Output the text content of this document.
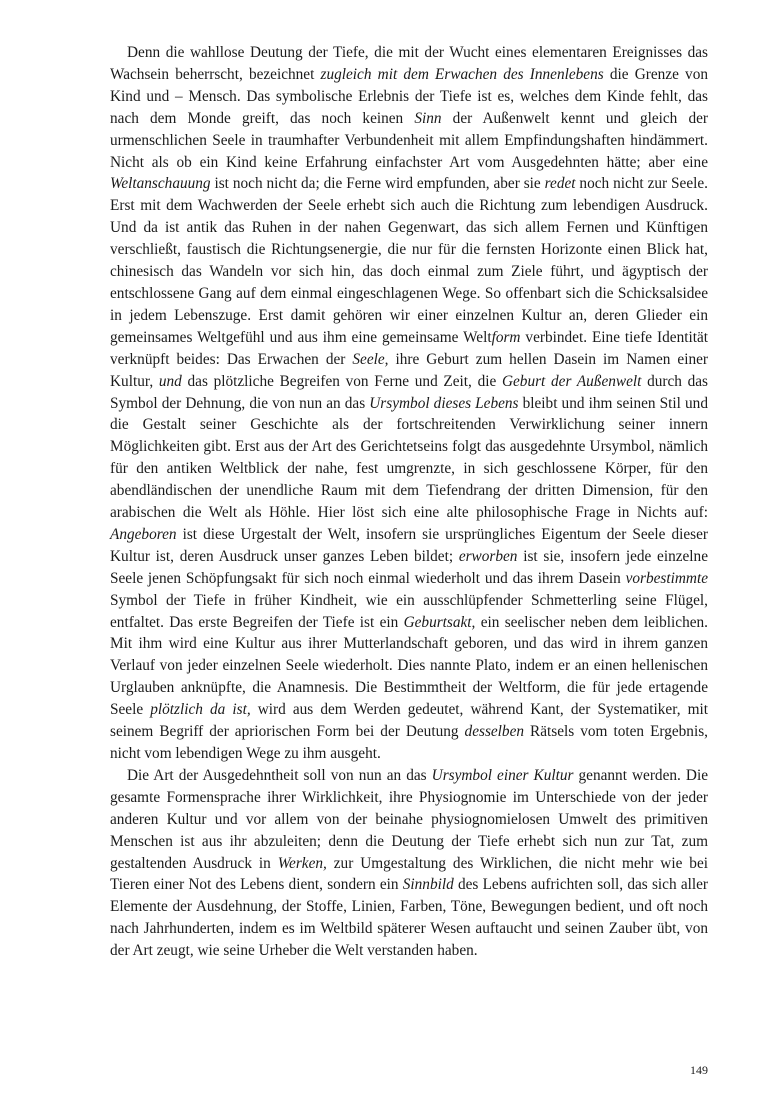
Denn die wahllose Deutung der Tiefe, die mit der Wucht eines elementaren Ereignisses das Wachsein beherrscht, bezeichnet zugleich mit dem Erwachen des Innenlebens die Grenze von Kind und – Mensch. Das symbolische Erlebnis der Tiefe ist es, welches dem Kinde fehlt, das nach dem Monde greift, das noch keinen Sinn der Außenwelt kennt und gleich der urmenschlichen Seele in traumhafter Verbundenheit mit allem Empfindungshaften hindämmert. Nicht als ob ein Kind keine Erfahrung einfachster Art vom Ausgedehnten hätte; aber eine Weltanschauung ist noch nicht da; die Ferne wird empfunden, aber sie redet noch nicht zur Seele. Erst mit dem Wachwerden der Seele erhebt sich auch die Richtung zum lebendigen Ausdruck. Und da ist antik das Ruhen in der nahen Gegenwart, das sich allem Fernen und Künftigen verschließt, faustisch die Richtungsenergie, die nur für die fernsten Horizonte einen Blick hat, chinesisch das Wandeln vor sich hin, das doch einmal zum Ziele führt, und ägyptisch der entschlossene Gang auf dem einmal eingeschlagenen Wege. So offenbart sich die Schicksalsidee in jedem Lebenszuge. Erst damit gehören wir einer einzelnen Kultur an, deren Glieder ein gemeinsames Weltgefühl und aus ihm eine gemeinsame Weltform verbindet. Eine tiefe Identität verknüpft beides: Das Erwachen der Seele, ihre Geburt zum hellen Dasein im Namen einer Kultur, und das plötzliche Begreifen von Ferne und Zeit, die Geburt der Außenwelt durch das Symbol der Dehnung, die von nun an das Ursymbol dieses Lebens bleibt und ihm seinen Stil und die Gestalt seiner Geschichte als der fortschreitenden Verwirklichung seiner innern Möglichkeiten gibt. Erst aus der Art des Gerichtetseins folgt das ausgedehnte Ursymbol, nämlich für den antiken Weltblick der nahe, fest umgrenzte, in sich geschlossene Körper, für den abendländischen der unendliche Raum mit dem Tiefendrang der dritten Dimension, für den arabischen die Welt als Höhle. Hier löst sich eine alte philosophische Frage in Nichts auf: Angeboren ist diese Urgestalt der Welt, insofern sie ursprüngliches Eigentum der Seele dieser Kultur ist, deren Ausdruck unser ganzes Leben bildet; erworben ist sie, insofern jede einzelne Seele jenen Schöpfungsakt für sich noch einmal wiederholt und das ihrem Dasein vorbestimmte Symbol der Tiefe in früher Kindheit, wie ein ausschlüpfender Schmetterling seine Flügel, entfaltet. Das erste Begreifen der Tiefe ist ein Geburtsakt, ein seelischer neben dem leiblichen. Mit ihm wird eine Kultur aus ihrer Mutterlandschaft geboren, und das wird in ihrem ganzen Verlauf von jeder einzelnen Seele wiederholt. Dies nannte Plato, indem er an einen hellenischen Urglauben anknüpfte, die Anamnesis. Die Bestimmtheit der Weltform, die für jede ertagende Seele plötzlich da ist, wird aus dem Werden gedeutet, während Kant, der Systematiker, mit seinem Begriff der apriorischen Form bei der Deutung desselben Rätsels vom toten Ergebnis, nicht vom lebendigen Wege zu ihm ausgeht.

Die Art der Ausgedehntheit soll von nun an das Ursymbol einer Kultur genannt werden. Die gesamte Formensprache ihrer Wirklichkeit, ihre Physiognomie im Unterschiede von der jeder anderen Kultur und vor allem von der beinahe physiognomielosen Umwelt des primitiven Menschen ist aus ihr abzuleiten; denn die Deutung der Tiefe erhebt sich nun zur Tat, zum gestaltenden Ausdruck in Werken, zur Umgestaltung des Wirklichen, die nicht mehr wie bei Tieren einer Not des Lebens dient, sondern ein Sinnbild des Lebens aufrichten soll, das sich aller Elemente der Ausdehnung, der Stoffe, Linien, Farben, Töne, Bewegungen bedient, und oft noch nach Jahrhunderten, indem es im Weltbild späterer Wesen auftaucht und seinen Zauber übt, von der Art zeugt, wie seine Urheber die Welt verstanden haben.

149
